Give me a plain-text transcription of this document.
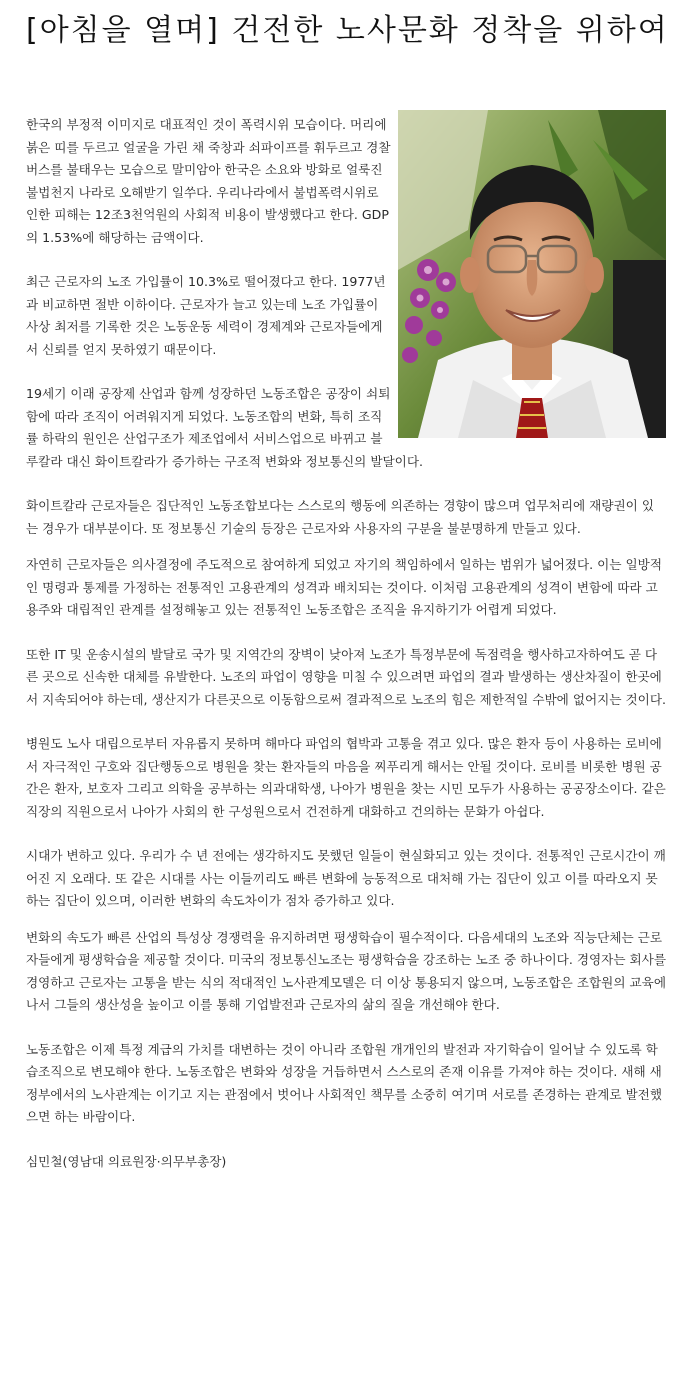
[아침을 열며] 건전한 노사문화 정착을 위하여

한국의 부정적 이미지로 대표적인 것이 폭력시위 모습이다. 머리에 붉은 띠를 두르고 얼굴을 가린 채 죽창과 쇠파이프를 휘두르고 경찰버스를 불태우는 모습으로 말미암아 한국은 소요와 방화로 얼룩진 불법천지 나라로 오해받기 일쑤다. 우리나라에서 불법폭력시위로 인한 피해는 12조3천억원의 사회적 비용이 발생했다고 한다. GDP의 1.53%에 해당하는 금액이다.

최근 근로자의 노조 가입률이 10.3%로 떨어졌다고 한다. 1977년과 비교하면 절반 이하이다. 근로자가 늘고 있는데 노조 가입률이 사상 최저를 기록한 것은 노동운동 세력이 경제계와 근로자들에게서 신뢰를 얻지 못하였기 때문이다.

19세기 이래 공장제 산업과 함께 성장하던 노동조합은 공장이 쇠퇴함에 따라 조직이 어려워지게 되었다. 노동조합의 변화, 특히 조직률 하락의 원인은 산업구조가 제조업에서 서비스업으로 바뀌고 블루칼라 대신 화이트칼라가 증가하는 구조적 변화와 정보통신의 발달이다.

화이트칼라 근로자들은 집단적인 노동조합보다는 스스로의 행동에 의존하는 경향이 많으며 업무처리에 재량권이 있는 경우가 대부분이다. 또 정보통신 기술의 등장은 근로자와 사용자의 구분을 불분명하게 만들고 있다.

자연히 근로자들은 의사결정에 주도적으로 참여하게 되었고 자기의 책임하에서 일하는 범위가 넓어졌다. 이는 일방적인 명령과 통제를 가정하는 전통적인 고용관계의 성격과 배치되는 것이다. 이처럼 고용관계의 성격이 변함에 따라 고용주와 대립적인 관계를 설정해놓고 있는 전통적인 노동조합은 조직을 유지하기가 어렵게 되었다.

또한 IT 및 운송시설의 발달로 국가 및 지역간의 장벽이 낮아져 노조가 특정부문에 독점력을 행사하고자하여도 곧 다른 곳으로 신속한 대체를 유발한다. 노조의 파업이 영향을 미칠 수 있으려면 파업의 결과 발생하는 생산차질이 한곳에서 지속되어야 하는데, 생산지가 다른곳으로 이동함으로써 결과적으로 노조의 힘은 제한적일 수밖에 없어지는 것이다.

병원도 노사 대립으로부터 자유롭지 못하며 해마다 파업의 협박과 고통을 겪고 있다. 많은 환자 등이 사용하는 로비에서 자극적인 구호와 집단행동으로 병원을 찾는 환자들의 마음을 찌푸리게 해서는 안될 것이다. 로비를 비롯한 병원 공간은 환자, 보호자 그리고 의학을 공부하는 의과대학생, 나아가 병원을 찾는 시민 모두가 사용하는 공공장소이다. 같은 직장의 직원으로서 나아가 사회의 한 구성원으로서 건전하게 대화하고 건의하는 문화가 아쉽다.

시대가 변하고 있다. 우리가 수 년 전에는 생각하지도 못했던 일들이 현실화되고 있는 것이다. 전통적인 근로시간이 깨어진 지 오래다. 또 같은 시대를 사는 이들끼리도 빠른 변화에 능동적으로 대처해 가는 집단이 있고 이를 따라오지 못하는 집단이 있으며, 이러한 변화의 속도차이가 점차 증가하고 있다.

변화의 속도가 빠른 산업의 특성상 경쟁력을 유지하려면 평생학습이 필수적이다. 다음세대의 노조와 직능단체는 근로자들에게 평생학습을 제공할 것이다. 미국의 정보통신노조는 평생학습을 강조하는 노조 중 하나이다. 경영자는 회사를 경영하고 근로자는 고통을 받는 식의 적대적인 노사관계모델은 더 이상 통용되지 않으며, 노동조합은 조합원의 교육에 나서 그들의 생산성을 높이고 이를 통해 기업발전과 근로자의 삶의 질을 개선해야 한다.

노동조합은 이제 특정 계급의 가치를 대변하는 것이 아니라 조합원 개개인의 발전과 자기학습이 일어날 수 있도록 학습조직으로 변모해야 한다. 노동조합은 변화와 성장을 거듭하면서 스스로의 존재 이유를 가져야 하는 것이다. 새해 새정부에서의 노사관계는 이기고 지는 관점에서 벗어나 사회적인 책무를 소중히 여기며 서로를 존경하는 관계로 발전했으면 하는 바람이다.

심민철(영남대 의료원장·의무부총장)
